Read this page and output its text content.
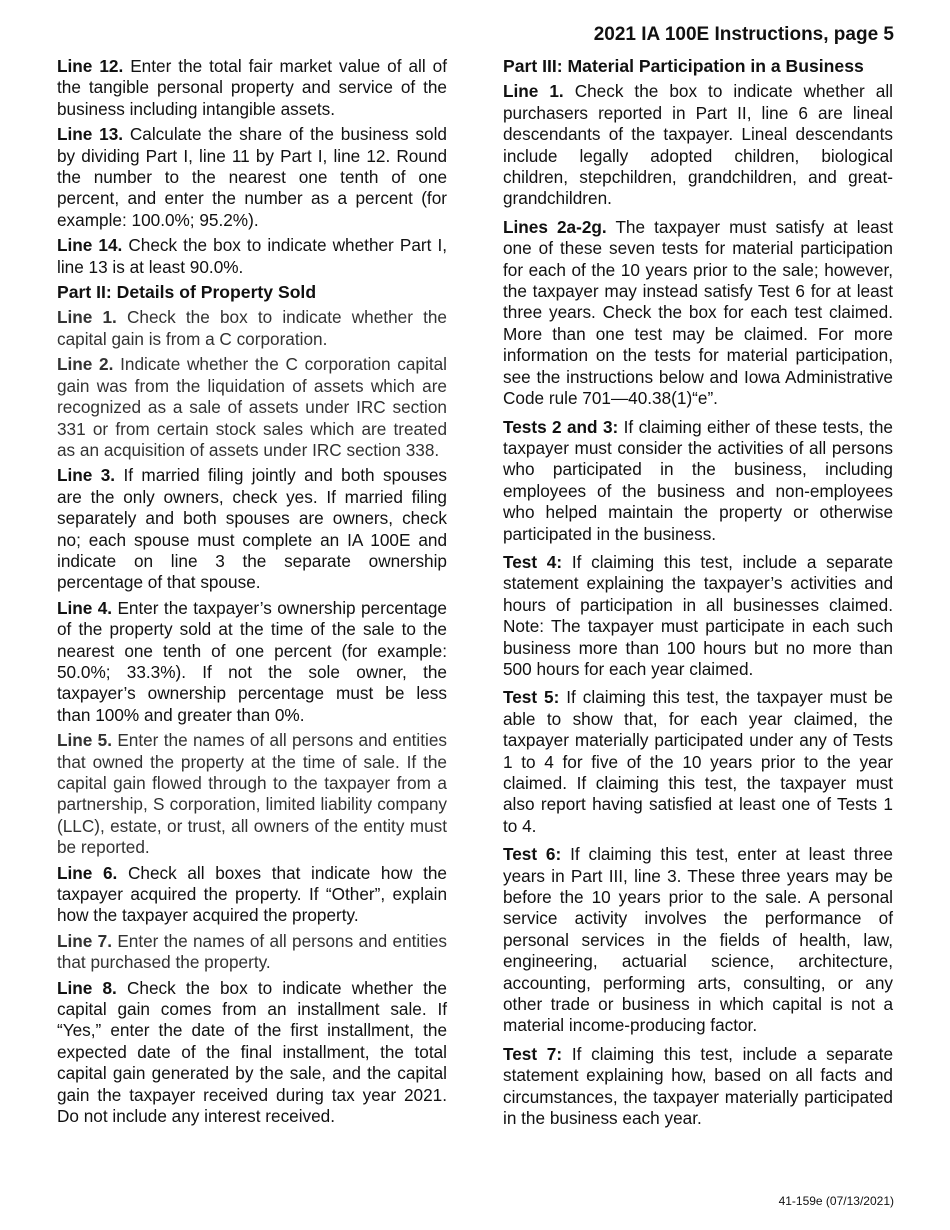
2021 IA 100E Instructions, page 5

Line 12. Enter the total fair market value of all of the tangible personal property and service of the business including intangible assets.

Line 13. Calculate the share of the business sold by dividing Part I, line 11 by Part I, line 12. Round the number to the nearest one tenth of one percent, and enter the number as a percent (for example: 100.0%; 95.2%).

Line 14. Check the box to indicate whether Part I, line 13 is at least 90.0%.

Part II: Details of Property Sold

Line 1. Check the box to indicate whether the capital gain is from a C corporation.

Line 2. Indicate whether the C corporation capital gain was from the liquidation of assets which are recognized as a sale of assets under IRC section 331 or from certain stock sales which are treated as an acquisition of assets under IRC section 338.

Line 3. If married filing jointly and both spouses are the only owners, check yes. If married filing separately and both spouses are owners, check no; each spouse must complete an IA 100E and indicate on line 3 the separate ownership percentage of that spouse.

Line 4. Enter the taxpayer’s ownership percentage of the property sold at the time of the sale to the nearest one tenth of one percent (for example: 50.0%; 33.3%). If not the sole owner, the taxpayer’s ownership percentage must be less than 100% and greater than 0%.

Line 5. Enter the names of all persons and entities that owned the property at the time of sale. If the capital gain flowed through to the taxpayer from a partnership, S corporation, limited liability company (LLC), estate, or trust, all owners of the entity must be reported.

Line 6. Check all boxes that indicate how the taxpayer acquired the property. If “Other”, explain how the taxpayer acquired the property.

Line 7. Enter the names of all persons and entities that purchased the property.

Line 8. Check the box to indicate whether the capital gain comes from an installment sale. If “Yes,” enter the date of the first installment, the expected date of the final installment, the total capital gain generated by the sale, and the capital gain the taxpayer received during tax year 2021. Do not include any interest received.

Part III: Material Participation in a Business

Line 1. Check the box to indicate whether all purchasers reported in Part II, line 6 are lineal descendants of the taxpayer. Lineal descendants include legally adopted children, biological children, stepchildren, grandchildren, and great-grandchildren.

Lines 2a-2g. The taxpayer must satisfy at least one of these seven tests for material participation for each of the 10 years prior to the sale; however, the taxpayer may instead satisfy Test 6 for at least three years. Check the box for each test claimed. More than one test may be claimed. For more information on the tests for material participation, see the instructions below and Iowa Administrative Code rule 701—40.38(1)“e”.

Tests 2 and 3: If claiming either of these tests, the taxpayer must consider the activities of all persons who participated in the business, including employees of the business and non-employees who helped maintain the property or otherwise participated in the business.

Test 4: If claiming this test, include a separate statement explaining the taxpayer’s activities and hours of participation in all businesses claimed. Note: The taxpayer must participate in each such business more than 100 hours but no more than 500 hours for each year claimed.

Test 5: If claiming this test, the taxpayer must be able to show that, for each year claimed, the taxpayer materially participated under any of Tests 1 to 4 for five of the 10 years prior to the year claimed. If claiming this test, the taxpayer must also report having satisfied at least one of Tests 1 to 4.

Test 6: If claiming this test, enter at least three years in Part III, line 3. These three years may be before the 10 years prior to the sale. A personal service activity involves the performance of personal services in the fields of health, law, engineering, actuarial science, architecture, accounting, performing arts, consulting, or any other trade or business in which capital is not a material income-producing factor.

Test 7: If claiming this test, include a separate statement explaining how, based on all facts and circumstances, the taxpayer materially participated in the business each year.

41-159e (07/13/2021)
